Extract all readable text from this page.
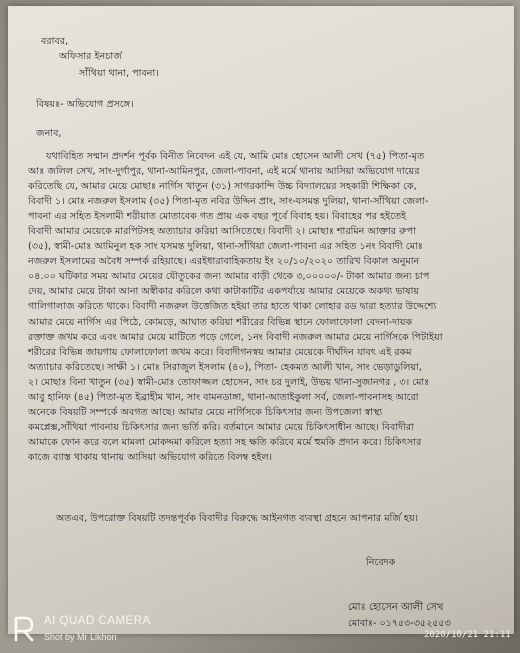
বরাবর,

অফিসার ইনচার্জ

সাঁথিয়া থানা, পাবনা।

বিষয়ঃ- অভিযোগ প্রসঙ্গে।

জনাব,

যথাবিহিত সম্মান প্রদর্শন পূর্বক বিনীত নিবেদন এই যে, আমি মোঃ হোসেন আলী সেখ (৭৫) পিতা-মৃত
আঃ জলিল সেখ, সাং-দুর্গাপুর, থানা-আমিনপুর, জেলা-পাবনা, এই মর্মে থানায় আসিয়া অভিযোগ দায়ের
করিতেছি যে, আমার মেয়ে মোছাঃ নার্গিস খাতুন (৩১) সাগরকান্দি উচ্চ বিদ্যালয়ের সহকারী শিক্ষিকা কে,
বিবাদী ১। মোঃ নজরুল ইসলাম (৩৫) পিতা-মৃত নবির উদ্দিন প্রাং, সাং-যসমন্ত দুলিয়া, থানা-সাঁথিয়া জেলা-
পাবনা এর সহিত ইসলামী শরীয়াত মোতাবেক গত প্রায় এক বছর পূর্বে বিবাহ হয়। বিবাহের পর হইতেই
বিবাদী আমার মেয়েকে মারপিটসহ অত্যাচার করিয়া আসিতেছে। বিবাদী ২। মোছাঃ শারমিন আক্তার রুপা
(৩৫), স্বামী-মোঃ আমিনুল হক সাং যসমন্ত দুলিয়া, থানা-সাঁথিয়া জেলা-পাবনা এর সহিত ১নং বিবাদী মোঃ
নজরুল ইসলামের অবৈধ সম্পর্ক রহিয়াছে। এরইধারাবাহিকতায় ইং ২০/১০/২০২০ তারিখ বিকাল অনুমান
০৪.০০ ঘটিকার সময় আমার মেয়ের যৌতুকের জন্য আমার বাড়ী থেকে ৩,০০০০০/- টাকা আমার জন্য চাপ
দেয়, আমার মেয়ে টাকা আনা অস্বীকার করিলে কথা কাটাকাটির একপর্যায়ে আমার মেয়েকে অকথ্য ভাষায়
গালিগালাজ করিতে থাকে। বিবাদী নজরুল উত্তেজিত হইয়া তার হাতে থাকা লোহার রড দ্বারা হত্যার উদ্দেশ্যে
আমার মেয়ে নার্গিস এর পিঠে, কোমড়ে, আঘাত করিয়া শরীরের বিভিন্ন স্থানে ফোলাফোলা বেদনা-দায়ক
রক্তাক্ত জখম করে এবং আমার মেয়ে মাটিতে পড়ে গেলে, ১নং বিবাদী নজরুল আমার মেয়ে নার্গিসকে পিটাইয়া
শরীরের বিভিন্ন জায়গায় ফোলাফোলা জখম করে। বিবাদীগনস্বয় আমার মেয়েকে দীর্ঘদিন যাবৎ এই রকম
অত্যাচার করিতেছে। সাক্ষী ১। মোঃ সিরাজুল ইসলাম (৪০), পিতা- হেকমত আলী খান, সাং ভেড়াডুলিয়া,
২। মোছাঃ বিনা খাতুন (৩৫) স্বামী-মোঃ তোফাজ্জল হোসেন, সাং চর দুলাই, উভয় থানা-সুজানগর , ৩। মোঃ
আবু হানিফ (৪৫) পিতা-মৃত ইব্রাহীম খান, সাং বামনডাঙ্গা, থানা-আতাইকুলা সর্ব, জেলা-পাবনাসহ আরো
অনেকে বিষয়টি সম্পর্কে অবগত আছে। আমার মেয়ে নার্গিসকে চিকিৎসার জন্য উপজেলা স্বাস্থ্য
কমপ্লেক্স,সাঁথিয়া পাবনায় চিকিৎসার জন্য ভর্তি করি। বর্তমানে আমার মেয়ে চিকিৎসাধীন আছে। বিবাদীরা
আমাকে ফোন করে বলে মামলা মোকদ্দমা করিলে হত্যা সহ ক্ষতি করিবে মর্মে হুমকি প্রদান করে। চিকিৎসার
কাজে ব্যাস্ত থাকায় থানায় আসিয়া অভিযোগ করিতে বিলম্ব হইল।

অতএব, উপরোক্ত বিষয়টি তদন্তপূর্বক বিবাদীর বিরুদ্ধে আইনগত ব্যবস্থা গ্রহনে আপনার মর্জি হয়।

নিবেদক

মোঃ হোসেন আলী সেখ

মোবাঃ- ০১৭৫৩-৩৫২৫৫৩

AI QUAD CAMERA
Shot by Mr Likhon	2020/10/21 21:11
